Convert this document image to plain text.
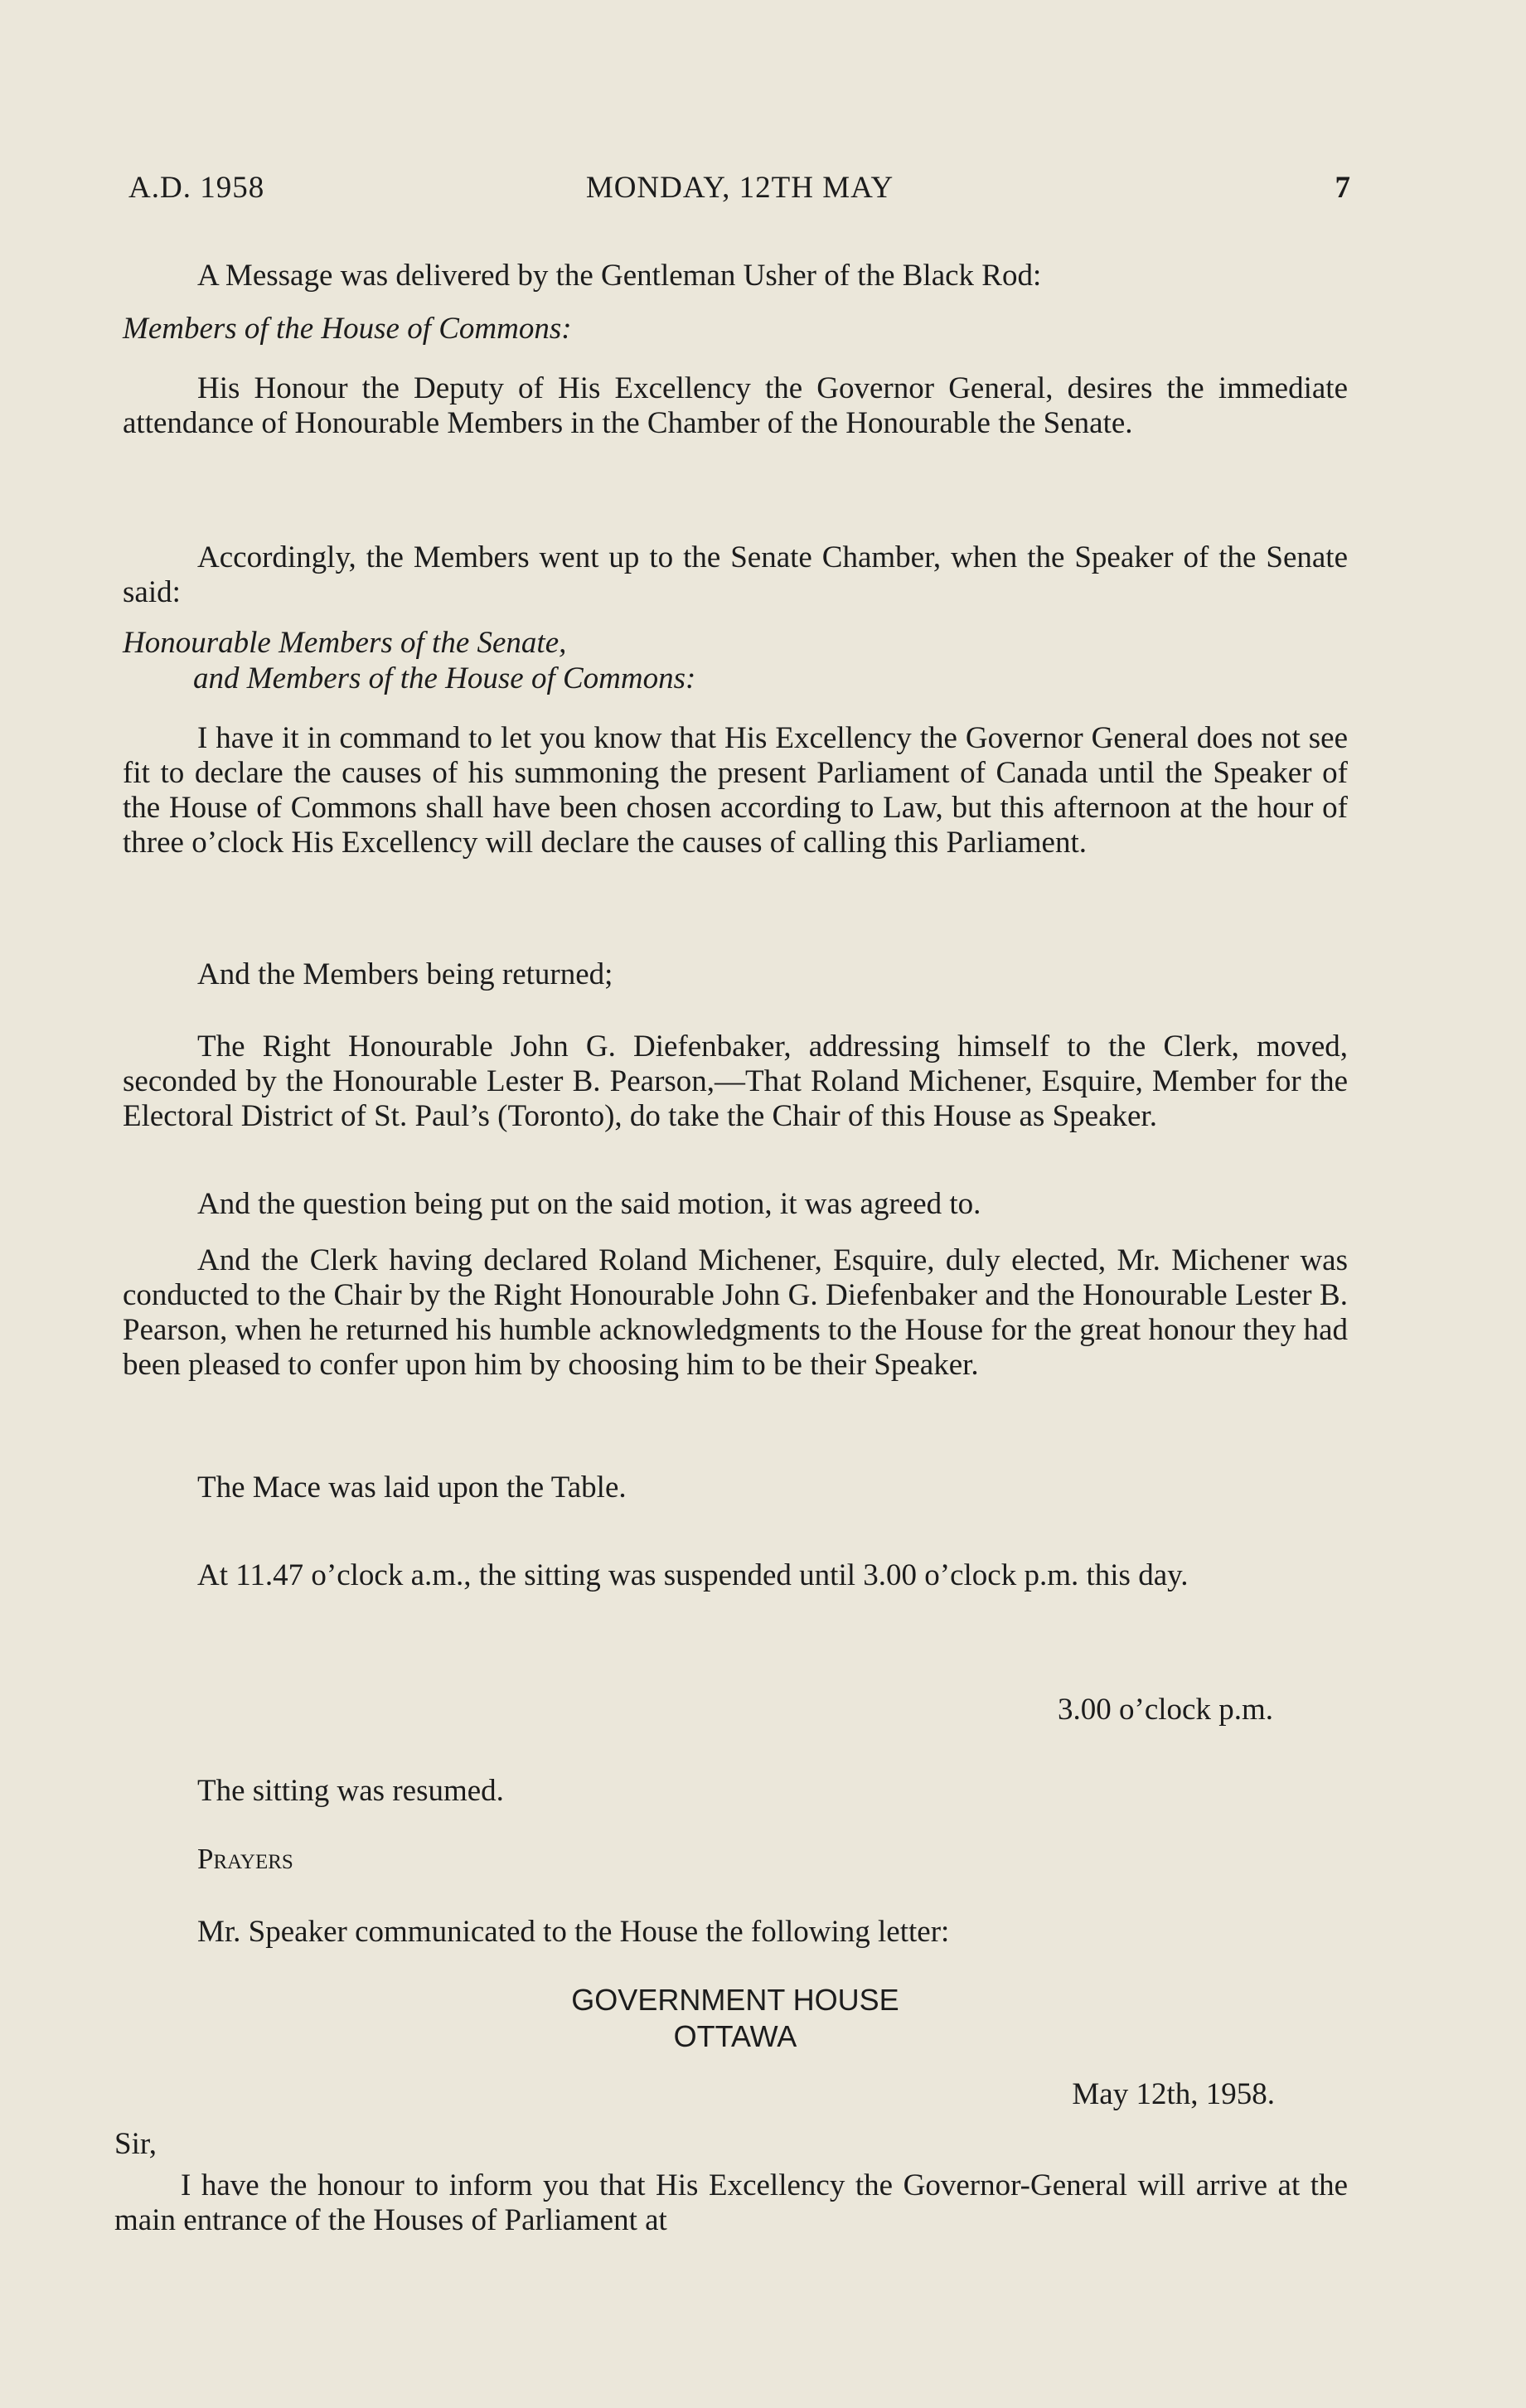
A.D. 1958	MONDAY, 12TH MAY	7

A Message was delivered by the Gentleman Usher of the Black Rod:

Members of the House of Commons:

His Honour the Deputy of His Excellency the Governor General, desires the immediate attendance of Honourable Members in the Chamber of the Honourable the Senate.

Accordingly, the Members went up to the Senate Chamber, when the Speaker of the Senate said:

Honourable Members of the Senate,

and Members of the House of Commons:

I have it in command to let you know that His Excellency the Governor General does not see fit to declare the causes of his summoning the present Parliament of Canada until the Speaker of the House of Commons shall have been chosen according to Law, but this afternoon at the hour of three o’clock His Excellency will declare the causes of calling this Parliament.

And the Members being returned;

The Right Honourable John G. Diefenbaker, addressing himself to the Clerk, moved, seconded by the Honourable Lester B. Pearson,—That Roland Michener, Esquire, Member for the Electoral District of St. Paul’s (Toronto), do take the Chair of this House as Speaker.

And the question being put on the said motion, it was agreed to.

And the Clerk having declared Roland Michener, Esquire, duly elected, Mr. Michener was conducted to the Chair by the Right Honourable John G. Diefenbaker and the Honourable Lester B. Pearson, when he returned his humble acknowledgments to the House for the great honour they had been pleased to confer upon him by choosing him to be their Speaker.

The Mace was laid upon the Table.

At 11.47 o’clock a.m., the sitting was suspended until 3.00 o’clock p.m. this day.

3.00 o’clock p.m.

The sitting was resumed.

Prayers

Mr. Speaker communicated to the House the following letter:

GOVERNMENT HOUSE

OTTAWA

May 12th, 1958.

Sir,

I have the honour to inform you that His Excellency the Governor-General will arrive at the main entrance of the Houses of Parliament at
